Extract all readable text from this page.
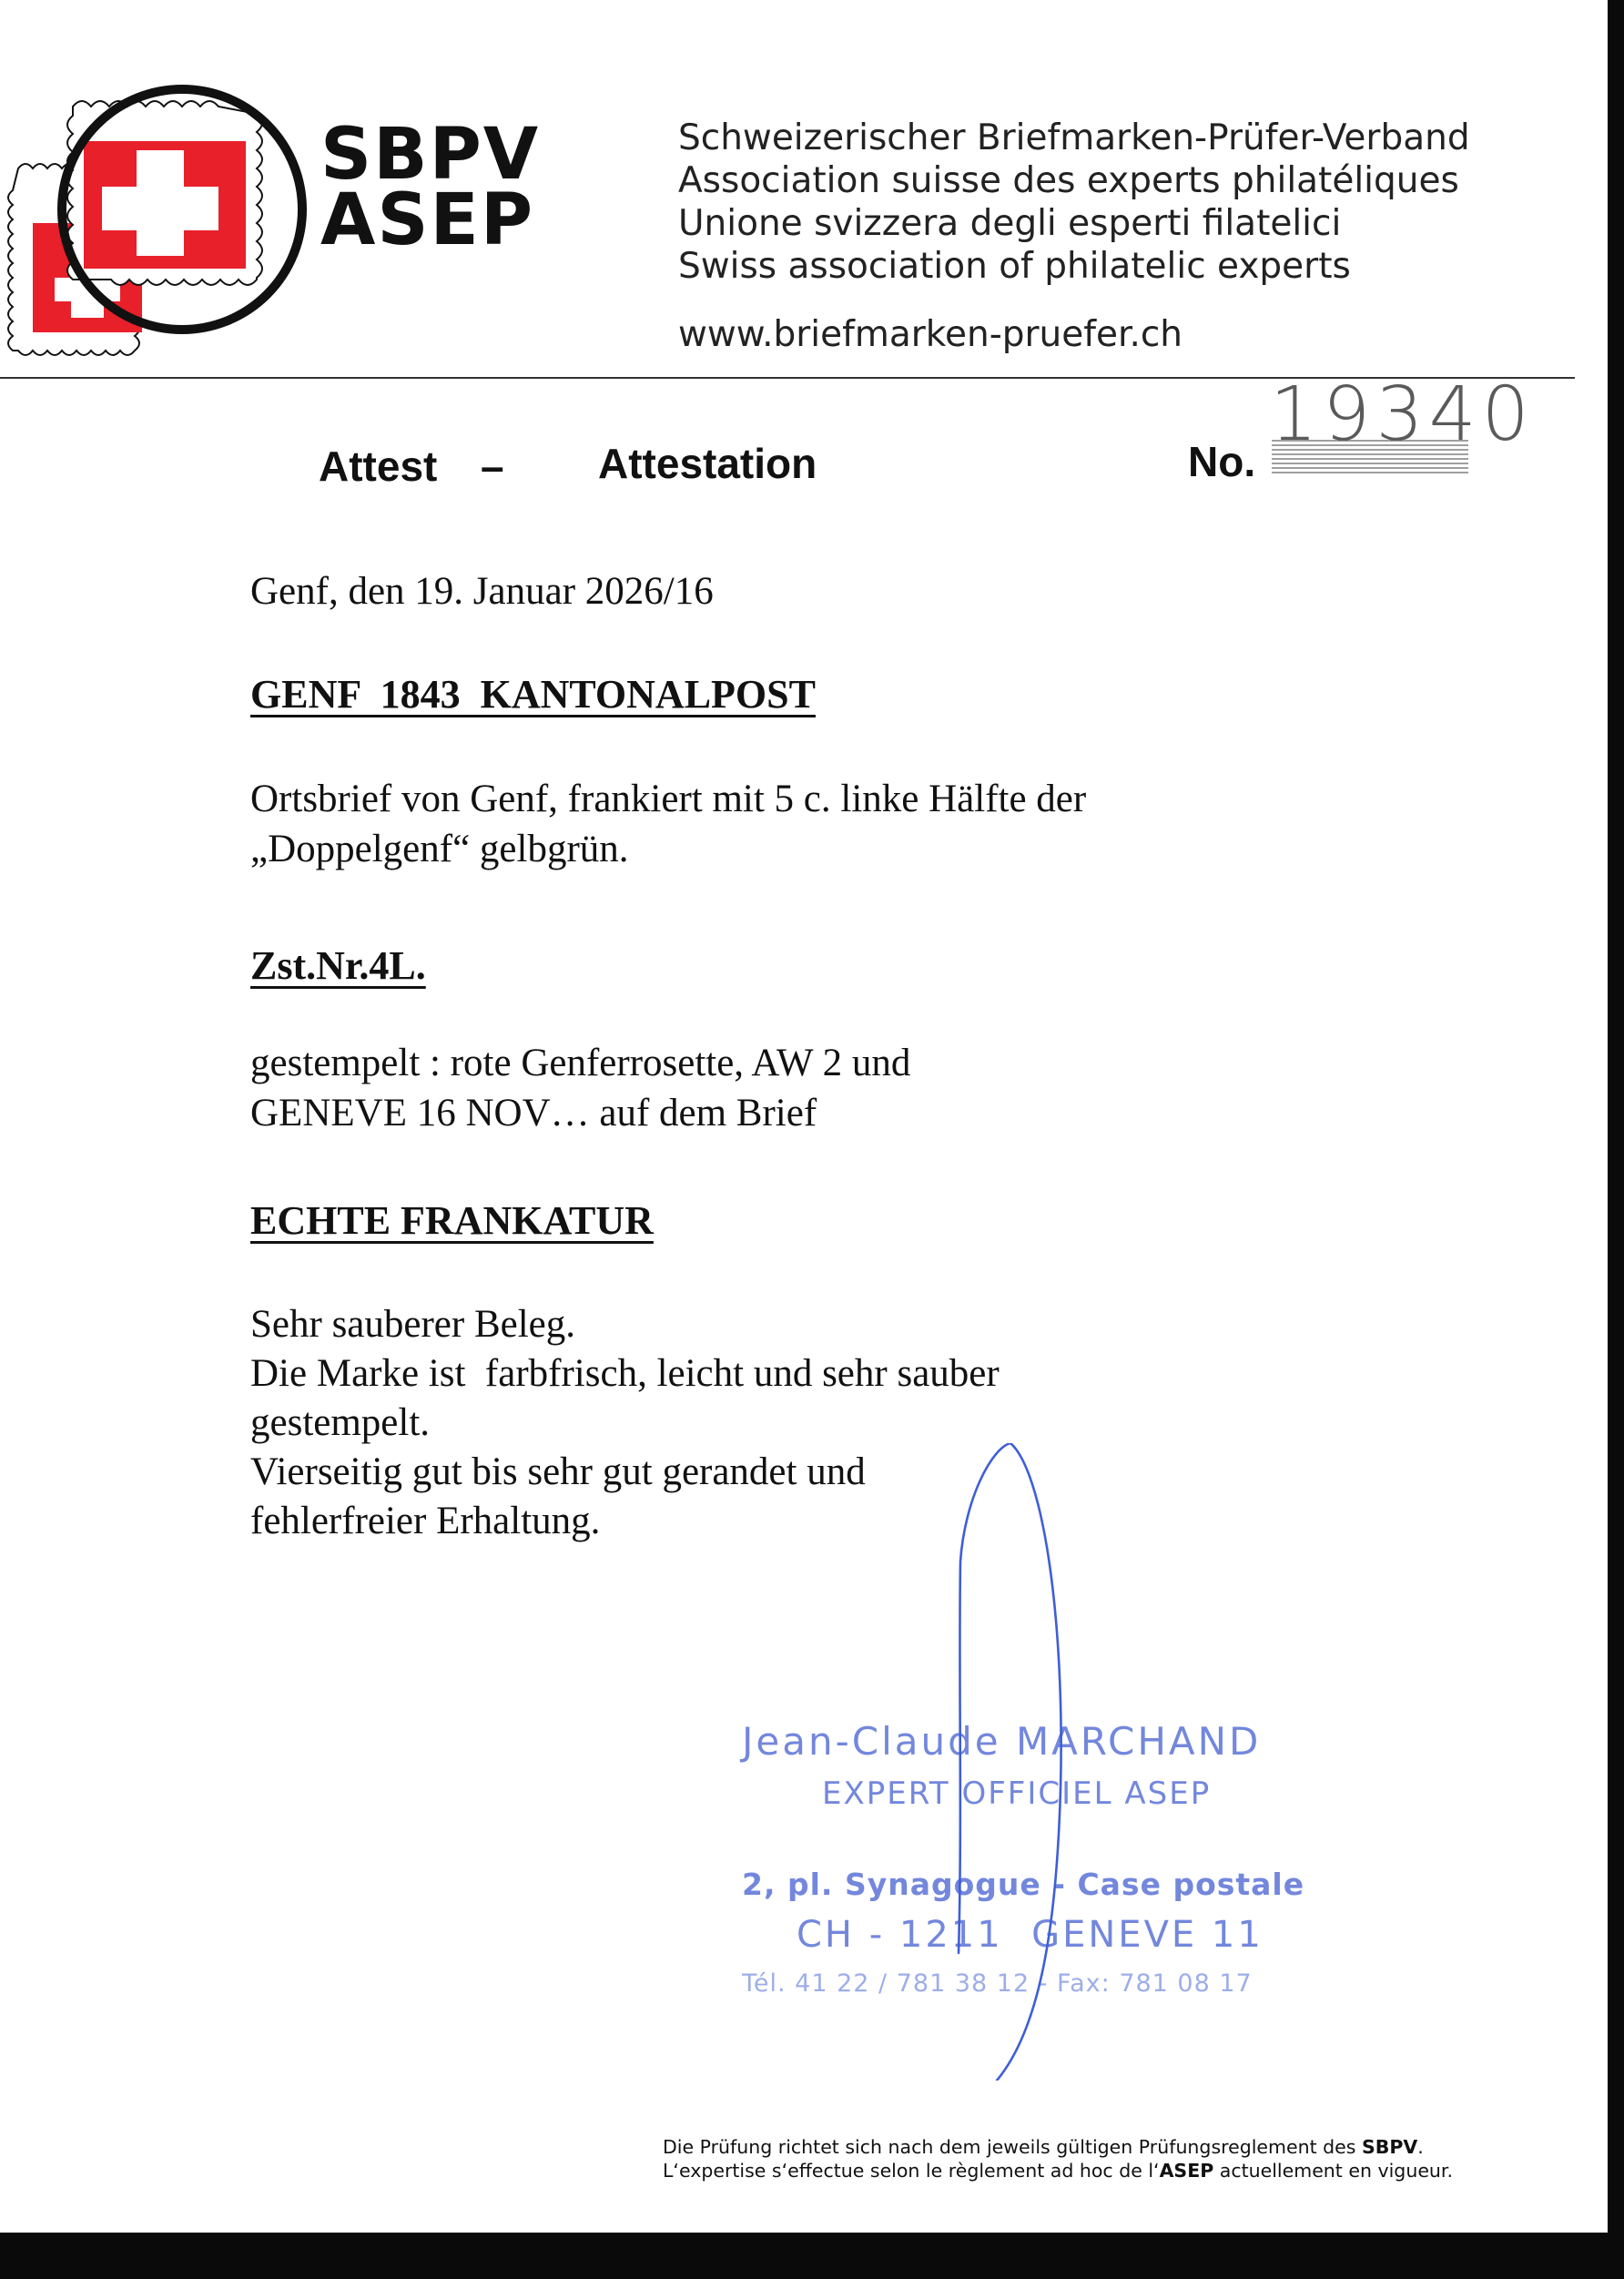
SBPV
ASEP
Schweizerischer Briefmarken-Prüfer-Verband
Association suisse des experts philatéliques
Unione svizzera degli esperti filatelici
Swiss association of philatelic experts
www.briefmarken-pruefer.ch
Attest – Attestation	No.
19340
Genf, den 19. Januar 2026/16
GENF  1843  KANTONALPOST
Ortsbrief von Genf, frankiert mit 5 c. linke Hälfte der
„Doppelgenf“ gelbgrün.
Zst.Nr.4L.
gestempelt : rote Genferrosette, AW 2 und
GENEVE 16 NOV… auf dem Brief
ECHTE FRANKATUR
Sehr sauberer Beleg.
Die Marke ist  farbfrisch, leicht und sehr sauber
gestempelt.
Vierseitig gut bis sehr gut gerandet und
fehlerfreier Erhaltung.
Jean-Claude MARCHAND
EXPERT OFFICIEL ASEP
2, pl. Synagogue - Case postale
CH - 1211  GENEVE 11
Tél. 41 22 / 781 38 12 - Fax: 781 08 17
Die Prüfung richtet sich nach dem jeweils gültigen Prüfungsreglement des SBPV.
L‘expertise s‘effectue selon le règlement ad hoc de l‘ASEP actuellement en vigueur.
